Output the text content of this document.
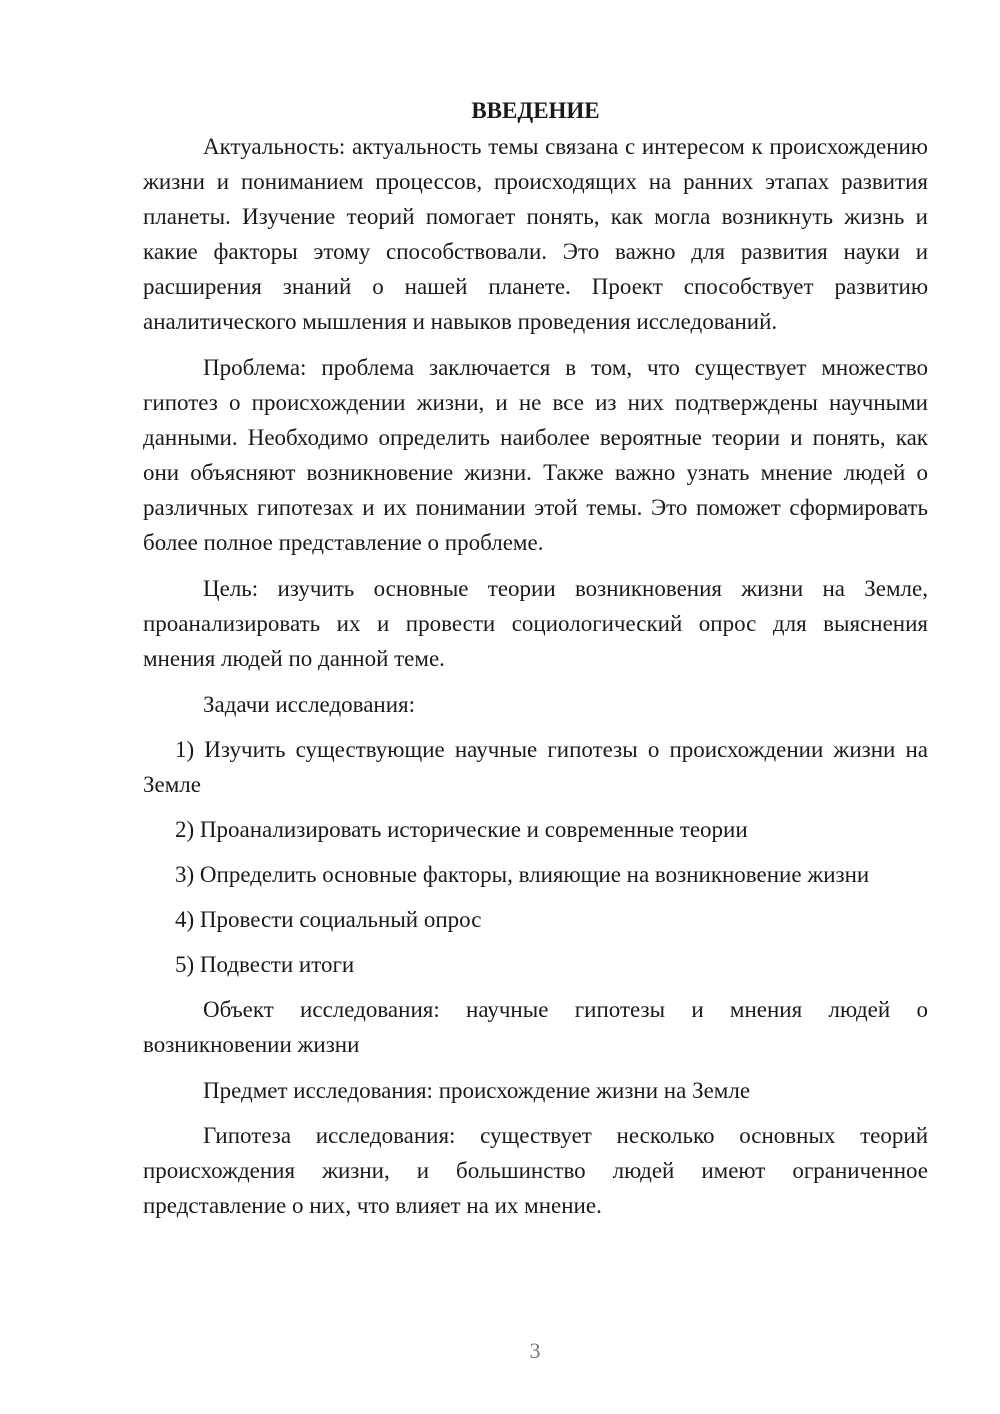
ВВЕДЕНИЕ

Актуальность: актуальность темы связана с интересом к происхождению жизни и пониманием процессов, происходящих на ранних этапах развития планеты. Изучение теорий помогает понять, как могла возникнуть жизнь и какие факторы этому способствовали. Это важно для развития науки и расширения знаний о нашей планете. Проект способствует развитию аналитического мышления и навыков проведения исследований.

Проблема: проблема заключается в том, что существует множество гипотез о происхождении жизни, и не все из них подтверждены научными данными. Необходимо определить наиболее вероятные теории и понять, как они объясняют возникновение жизни. Также важно узнать мнение людей о различных гипотезах и их понимании этой темы. Это поможет сформировать более полное представление о проблеме.

Цель: изучить основные теории возникновения жизни на Земле, проанализировать их и провести социологический опрос для выяснения мнения людей по данной теме.

Задачи исследования:

1) Изучить существующие научные гипотезы о происхождении жизни на Земле

2) Проанализировать исторические и современные теории

3) Определить основные факторы, влияющие на возникновение жизни

4) Провести социальный опрос

5) Подвести итоги

Объект исследования: научные гипотезы и мнения людей о возникновении жизни

Предмет исследования: происхождение жизни на Земле

Гипотеза исследования: существует несколько основных теорий происхождения жизни, и большинство людей имеют ограниченное представление о них, что влияет на их мнение.

3
